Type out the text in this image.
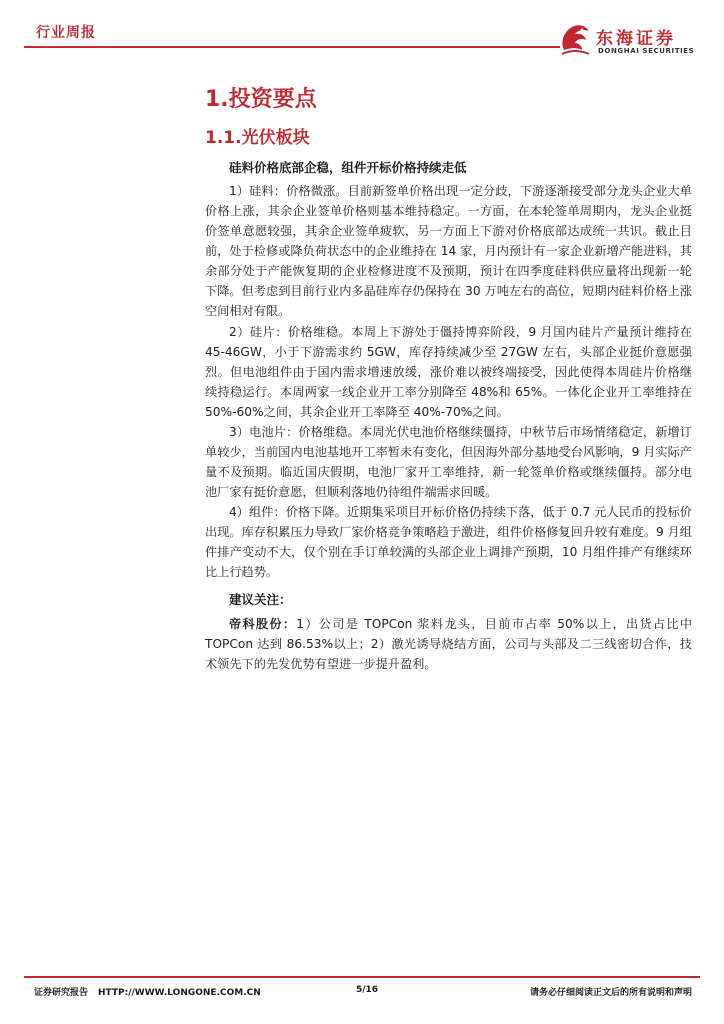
行业周报	东海证券
DONGHAI SECURITIES
1.投资要点
1.1.光伏板块
硅料价格底部企稳，组件开标价格持续走低

1）硅料：价格微涨。目前新签单价格出现一定分歧，下游逐渐接受部分龙头企业大单价格上涨，其余企业签单价格则基本维持稳定。一方面，在本轮签单周期内，龙头企业挺价签单意愿较强，其余企业签单疲软，另一方面上下游对价格底部达成统一共识。截止目前，处于检修或降负荷状态中的企业维持在 14 家，月内预计有一家企业新增产能进料，其余部分处于产能恢复期的企业检修进度不及预期，预计在四季度硅料供应量将出现新一轮下降。但考虑到目前行业内多晶硅库存仍保持在 30 万吨左右的高位，短期内硅料价格上涨空间相对有限。

2）硅片：价格维稳。本周上下游处于僵持博弈阶段，9 月国内硅片产量预计维持在 45-46GW，小于下游需求约 5GW，库存持续减少至 27GW 左右，头部企业挺价意愿强烈。但电池组件由于国内需求增速放缓，涨价难以被终端接受，因此使得本周硅片价格继续持稳运行。本周两家一线企业开工率分别降至 48%和 65%。一体化企业开工率维持在 50%-60%之间，其余企业开工率降至 40%-70%之间。

3）电池片：价格维稳。本周光伏电池价格继续僵持，中秋节后市场情绪稳定，新增订单较少，当前国内电池基地开工率暂未有变化，但因海外部分基地受台风影响，9 月实际产量不及预期。临近国庆假期，电池厂家开工率维持，新一轮签单价格或继续僵持。部分电池厂家有挺价意愿，但顺利落地仍待组件端需求回暖。

4）组件：价格下降。近期集采项目开标价格仍持续下落，低于 0.7 元人民币的投标价出现。库存积累压力导致厂家价格竞争策略趋于激进，组件价格修复回升较有难度。9 月组件排产变动不大，仅个别在手订单较满的头部企业上调排产预期，10 月组件排产有继续环比上行趋势。

建议关注：

帝科股份：1）公司是 TOPCon 浆料龙头，目前市占率 50%以上，出货占比中 TOPCon 达到 86.53%以上；2）激光诱导烧结方面，公司与头部及二三线密切合作，技术领先下的先发优势有望进一步提升盈利。

证券研究报告 HTTP://WWW.LONGONE.COM.CN	5/16	请务必仔细阅读正文后的所有说明和声明
